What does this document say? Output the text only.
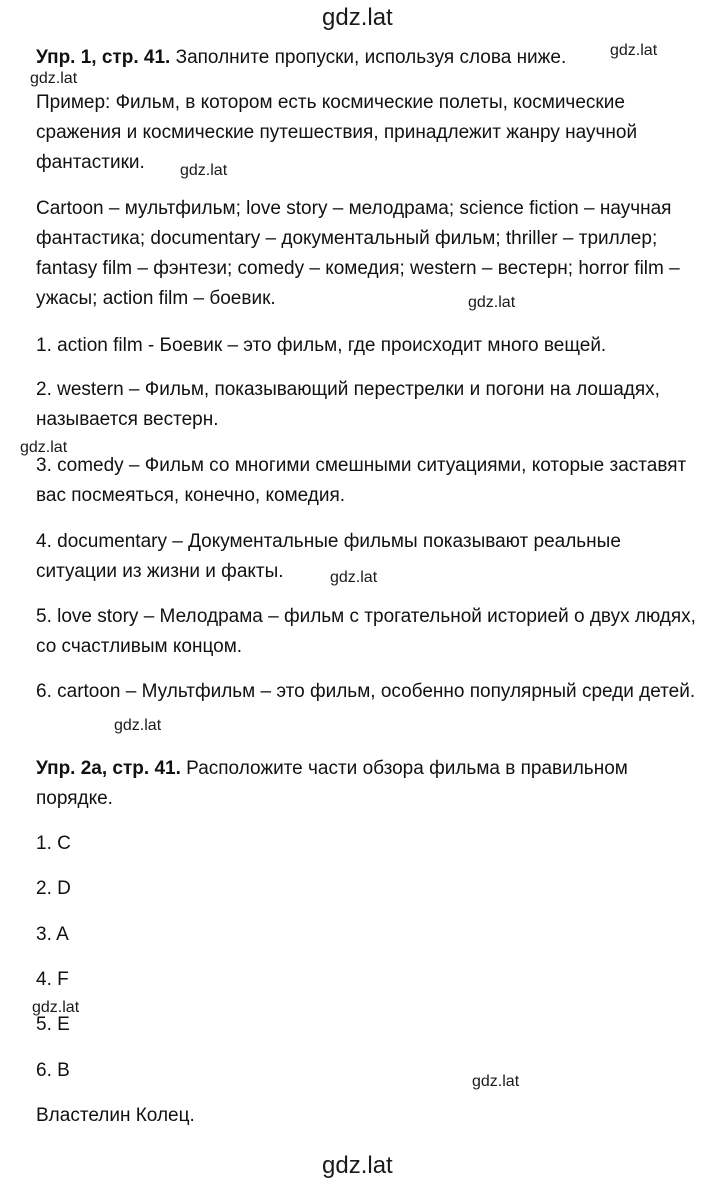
gdz.lat
gdz.lat
gdz.lat
gdz.lat
gdz.lat
gdz.lat
gdz.lat
gdz.lat
gdz.lat
gdz.lat
gdz.lat

Упр. 1, стр. 41. Заполните пропуски, используя слова ниже.

Пример: Фильм, в котором есть космические полеты, космические сражения и космические путешествия, принадлежит жанру научной фантастики.

Cartoon – мультфильм; love story – мелодрама; science fiction – научная фантастика; documentary – документальный фильм; thriller – триллер; fantasy film – фэнтези; comedy – комедия; western – вестерн; horror film – ужасы; action film – боевик.

1. action film - Боевик – это фильм, где происходит много вещей.

2. western – Фильм, показывающий перестрелки и погони на лошадях, называется вестерн.

3. comedy – Фильм со многими смешными ситуациями, которые заставят вас посмеяться, конечно, комедия.

4. documentary – Документальные фильмы показывают реальные ситуации из жизни и факты.

5. love story – Мелодрама – фильм с трогательной историей о двух людях, со счастливым концом.

6. cartoon – Мультфильм – это фильм, особенно популярный среди детей.

Упр. 2a, стр. 41. Расположите части обзора фильма в правильном порядке.

1. C

2. D

3. A

4. F

5. E

6. B

Властелин Колец.
